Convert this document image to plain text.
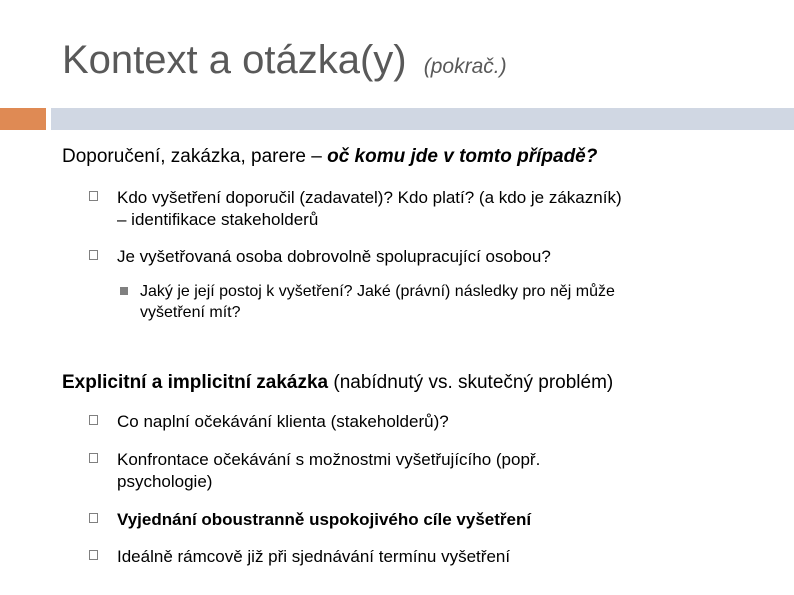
Kontext a otázka(y) (pokrač.)
Doporučení, zakázka, parere – oč komu jde v tomto případě?
Kdo vyšetření doporučil (zadavatel)? Kdo platí? (a kdo je zákazník)
– identifikace stakeholderů
Je vyšetřovaná osoba dobrovolně spolupracující osobou?
Jaký je její postoj k vyšetření? Jaké (právní) následky pro něj může
vyšetření mít?
Explicitní a implicitní zakázka (nabídnutý vs. skutečný problém)
Co naplní očekávání klienta (stakeholderů)?
Konfrontace očekávání s možnostmi vyšetřujícího (popř.
psychologie)
Vyjednání oboustranně uspokojivého cíle vyšetření
Ideálně rámcově již při sjednávání termínu vyšetření
